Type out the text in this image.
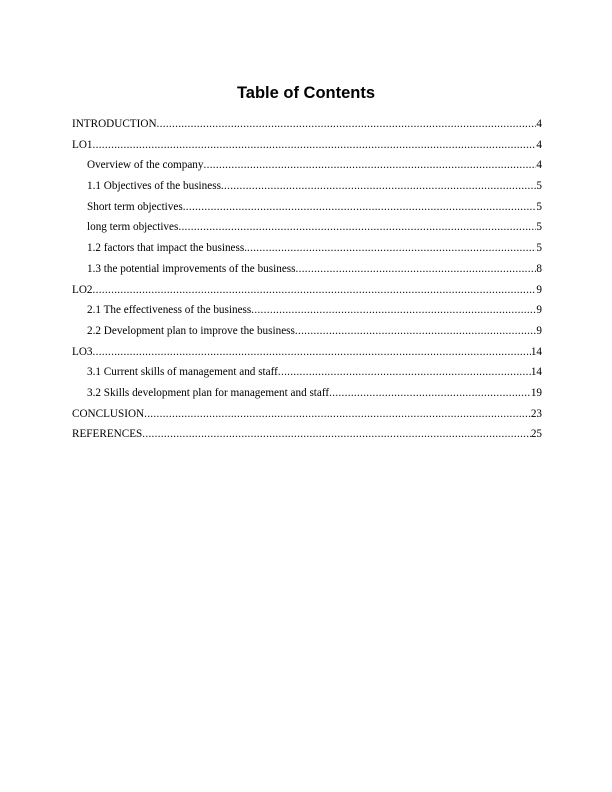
Table of Contents
INTRODUCTION .....	4
LO1 .....	4
Overview of the company .....	4
1.1 Objectives of the business .....	5
Short term objectives .....	5
long term objectives .....	5
1.2 factors that impact the business. .....	5
1.3 the potential improvements of the business .....	8
LO2 .....	9
2.1 The effectiveness of the business .....	9
2.2 Development plan to improve the business .....	9
LO3 .....	14
3.1 Current skills of management and staff .....	14
3.2 Skills development plan for management and staff .....	19
CONCLUSION .....	23
REFERENCES .....	25
